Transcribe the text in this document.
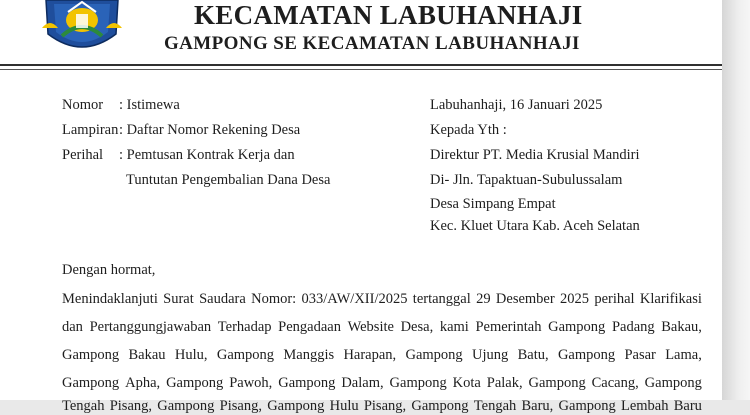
KECAMATAN LABUHANHAJI
GAMPONG SE KECAMATAN LABUHANHAJI
Nomor : Istimewa
Lampiran : Daftar Nomor Rekening Desa
Perihal : Pemtusan Kontrak Kerja dan
Tuntutan Pengembalian Dana Desa
Labuhanhaji, 16 Januari 2025
Kepada Yth :
Direktur PT. Media Krusial Mandiri
Di- Jln. Tapaktuan-Subulussalam
Desa Simpang Empat
Kec. Kluet Utara Kab. Aceh Selatan
Dengan hormat,
Menindaklanjuti Surat Saudara Nomor: 033/AW/XII/2025 tertanggal 29 Desember 2025 perihal Klarifikasi
dan Pertanggungjawaban Terhadap Pengadaan Website Desa, kami Pemerintah Gampong Padang Bakau,
Gampong Bakau Hulu, Gampong Manggis Harapan, Gampong Ujung Batu, Gampong Pasar Lama,
Gampong Apha, Gampong Pawoh, Gampong Dalam, Gampong Kota Palak, Gampong Cacang, Gampong
Tengah Pisang, Gampong Pisang, Gampong Hulu Pisang, Gampong Tengah Baru, Gampong Lembah Baru
